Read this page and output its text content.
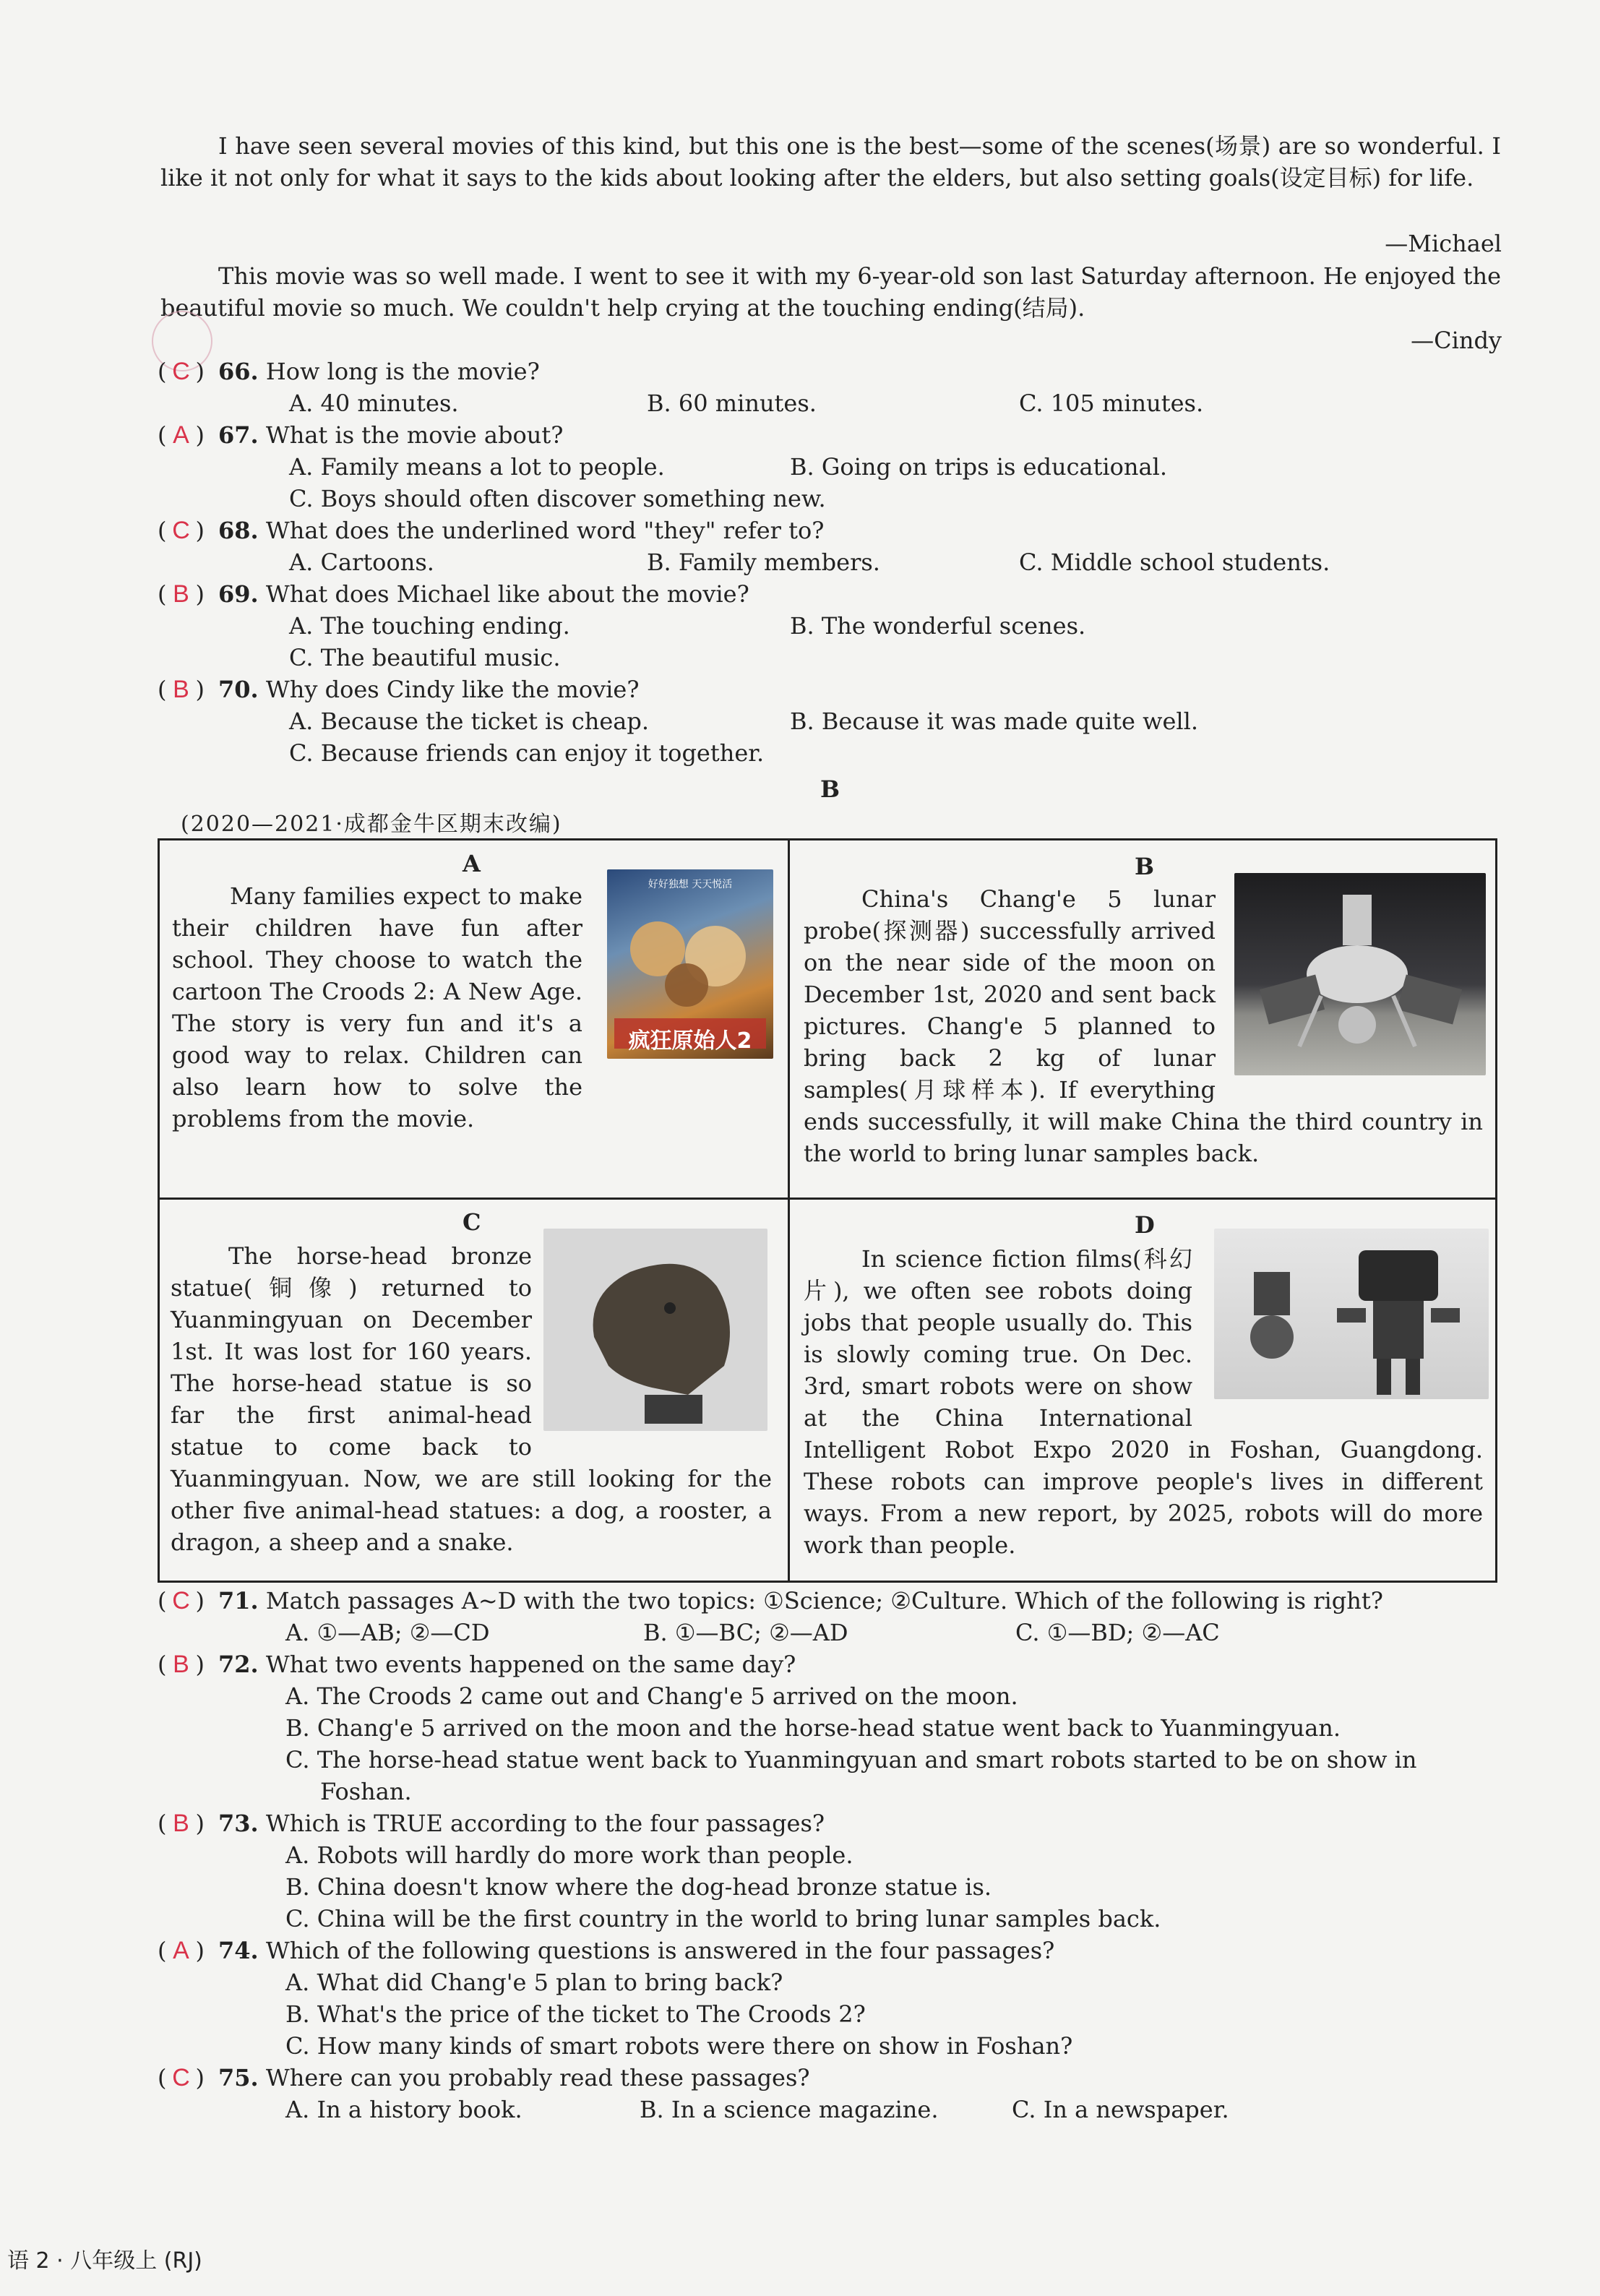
I have seen several movies of this kind, but this one is the best—some of the scenes(场景) are so wonderful. I like it not only for what it says to the kids about looking after the elders, but also setting goals(设定目标) for life.
—Michael
This movie was so well made. I went to see it with my 6-year-old son last Saturday afternoon. He enjoyed the beautiful movie so much. We couldn't help crying at the touching ending(结局).
—Cindy
( C ) 66. How long is the movie?
A. 40 minutes.	B. 60 minutes.	C. 105 minutes.
( A ) 67. What is the movie about?
A. Family means a lot to people.	B. Going on trips is educational.
C. Boys should often discover something new.
( C ) 68. What does the underlined word "they" refer to?
A. Cartoons.	B. Family members.	C. Middle school students.
( B ) 69. What does Michael like about the movie?
A. The touching ending.	B. The wonderful scenes.
C. The beautiful music.
( B ) 70. Why does Cindy like the movie?
A. Because the ticket is cheap.	B. Because it was made quite well.
C. Because friends can enjoy it together.
B
(2020—2021·成都金牛区期末改编)
A

Many families expect to make their children have fun after school. They choose to watch the cartoon The Croods 2: A New Age. The story is very fun and it's a good way to relax. Children can also learn how to solve the problems from the movie.

好好独想 天天悦活
疯狂原始人2
B

China's Chang'e 5 lunar probe(探测器) successfully arrived on the near side of the moon on December 1st, 2020 and sent back pictures. Chang'e 5 planned to bring back 2 kg of lunar samples(月球样本). If everything ends successfully, it will make China the third country in the world to bring lunar samples back.

C

The horse-head bronze statue(铜像) returned to Yuanmingyuan on December 1st. It was lost for 160 years. The horse-head statue is so far the first animal-head statue to come back to Yuanmingyuan. Now, we are still looking for the other five animal-head statues: a dog, a rooster, a dragon, a sheep and a snake.

D

In science fiction films(科幻片), we often see robots doing jobs that people usually do. This is slowly coming true. On Dec. 3rd, smart robots were on show at the China International Intelligent Robot Expo 2020 in Foshan, Guangdong. These robots can improve people's lives in different ways. From a new report, by 2025, robots will do more work than people.

( C ) 71. Match passages A~D with the two topics: ①Science; ②Culture. Which of the following is right?
A. ①—AB; ②—CD	B. ①—BC; ②—AD	C. ①—BD; ②—AC
( B ) 72. What two events happened on the same day?
A. The Croods 2 came out and Chang'e 5 arrived on the moon.
B. Chang'e 5 arrived on the moon and the horse-head statue went back to Yuanmingyuan.
C. The horse-head statue went back to Yuanmingyuan and smart robots started to be on show in
Foshan.
( B ) 73. Which is TRUE according to the four passages?
A. Robots will hardly do more work than people.
B. China doesn't know where the dog-head bronze statue is.
C. China will be the first country in the world to bring lunar samples back.
( A ) 74. Which of the following questions is answered in the four passages?
A. What did Chang'e 5 plan to bring back?
B. What's the price of the ticket to The Croods 2?
C. How many kinds of smart robots were there on show in Foshan?
( C ) 75. Where can you probably read these passages?
A. In a history book.	B. In a science magazine.	C. In a newspaper.
语 2 · 八年级上 (RJ)
